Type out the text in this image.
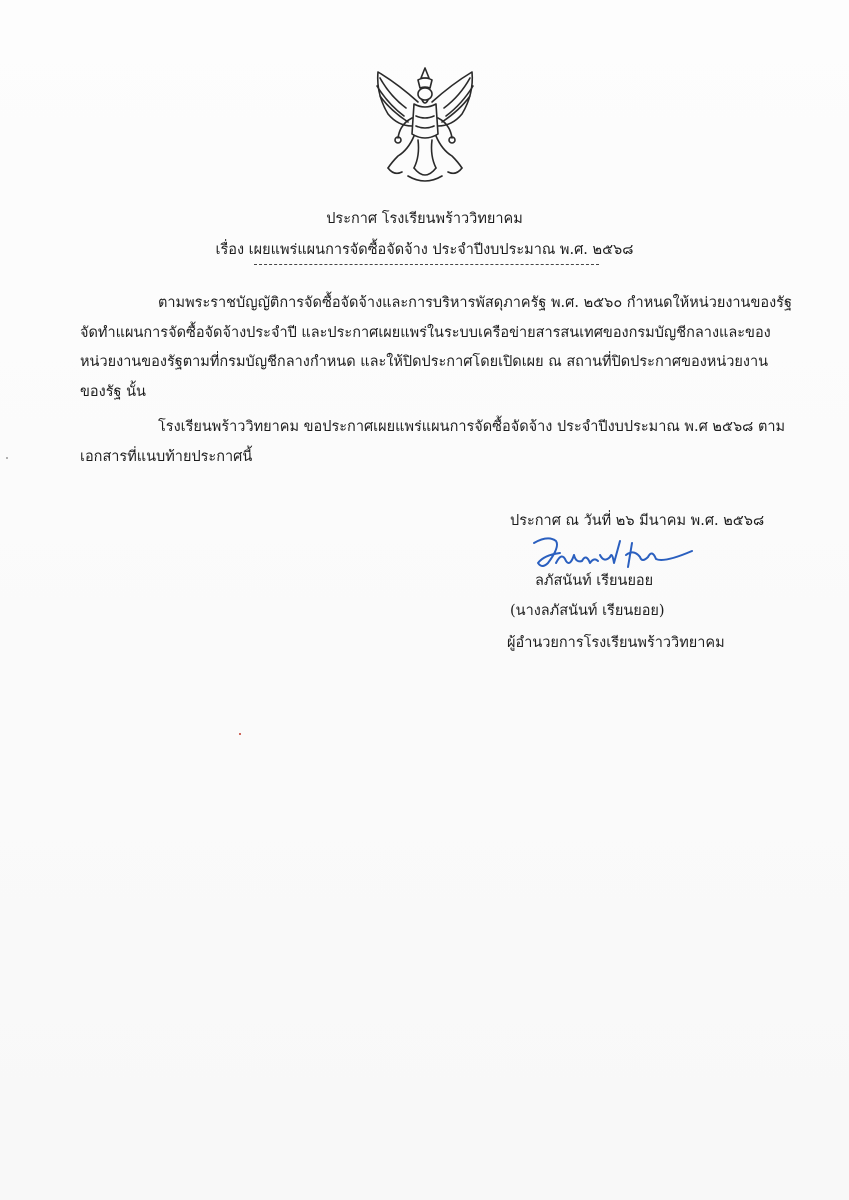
ประกาศ โรงเรียนพร้าววิทยาคม
เรื่อง เผยแพร่แผนการจัดซื้อจัดจ้าง ประจำปีงบประมาณ พ.ศ. ๒๕๖๘

ตามพระราชบัญญัติการจัดซื้อจัดจ้างและการบริหารพัสดุภาครัฐ พ.ศ. ๒๕๖๐ กำหนดให้หน่วยงานของรัฐ
จัดทำแผนการจัดซื้อจัดจ้างประจำปี และประกาศเผยแพร่ในระบบเครือข่ายสารสนเทศของกรมบัญชีกลางและของ
หน่วยงานของรัฐตามที่กรมบัญชีกลางกำหนด และให้ปิดประกาศโดยเปิดเผย ณ สถานที่ปิดประกาศของหน่วยงาน
ของรัฐ นั้น

โรงเรียนพร้าววิทยาคม ขอประกาศเผยแพร่แผนการจัดซื้อจัดจ้าง ประจำปีงบประมาณ พ.ศ ๒๕๖๘ ตาม
เอกสารที่แนบท้ายประกาศนี้

ประกาศ ณ วันที่ ๒๖ มีนาคม พ.ศ. ๒๕๖๘
ลภัสนันท์ เรียนยอย
(นางลภัสนันท์ เรียนยอย)
ผู้อำนวยการโรงเรียนพร้าววิทยาคม
